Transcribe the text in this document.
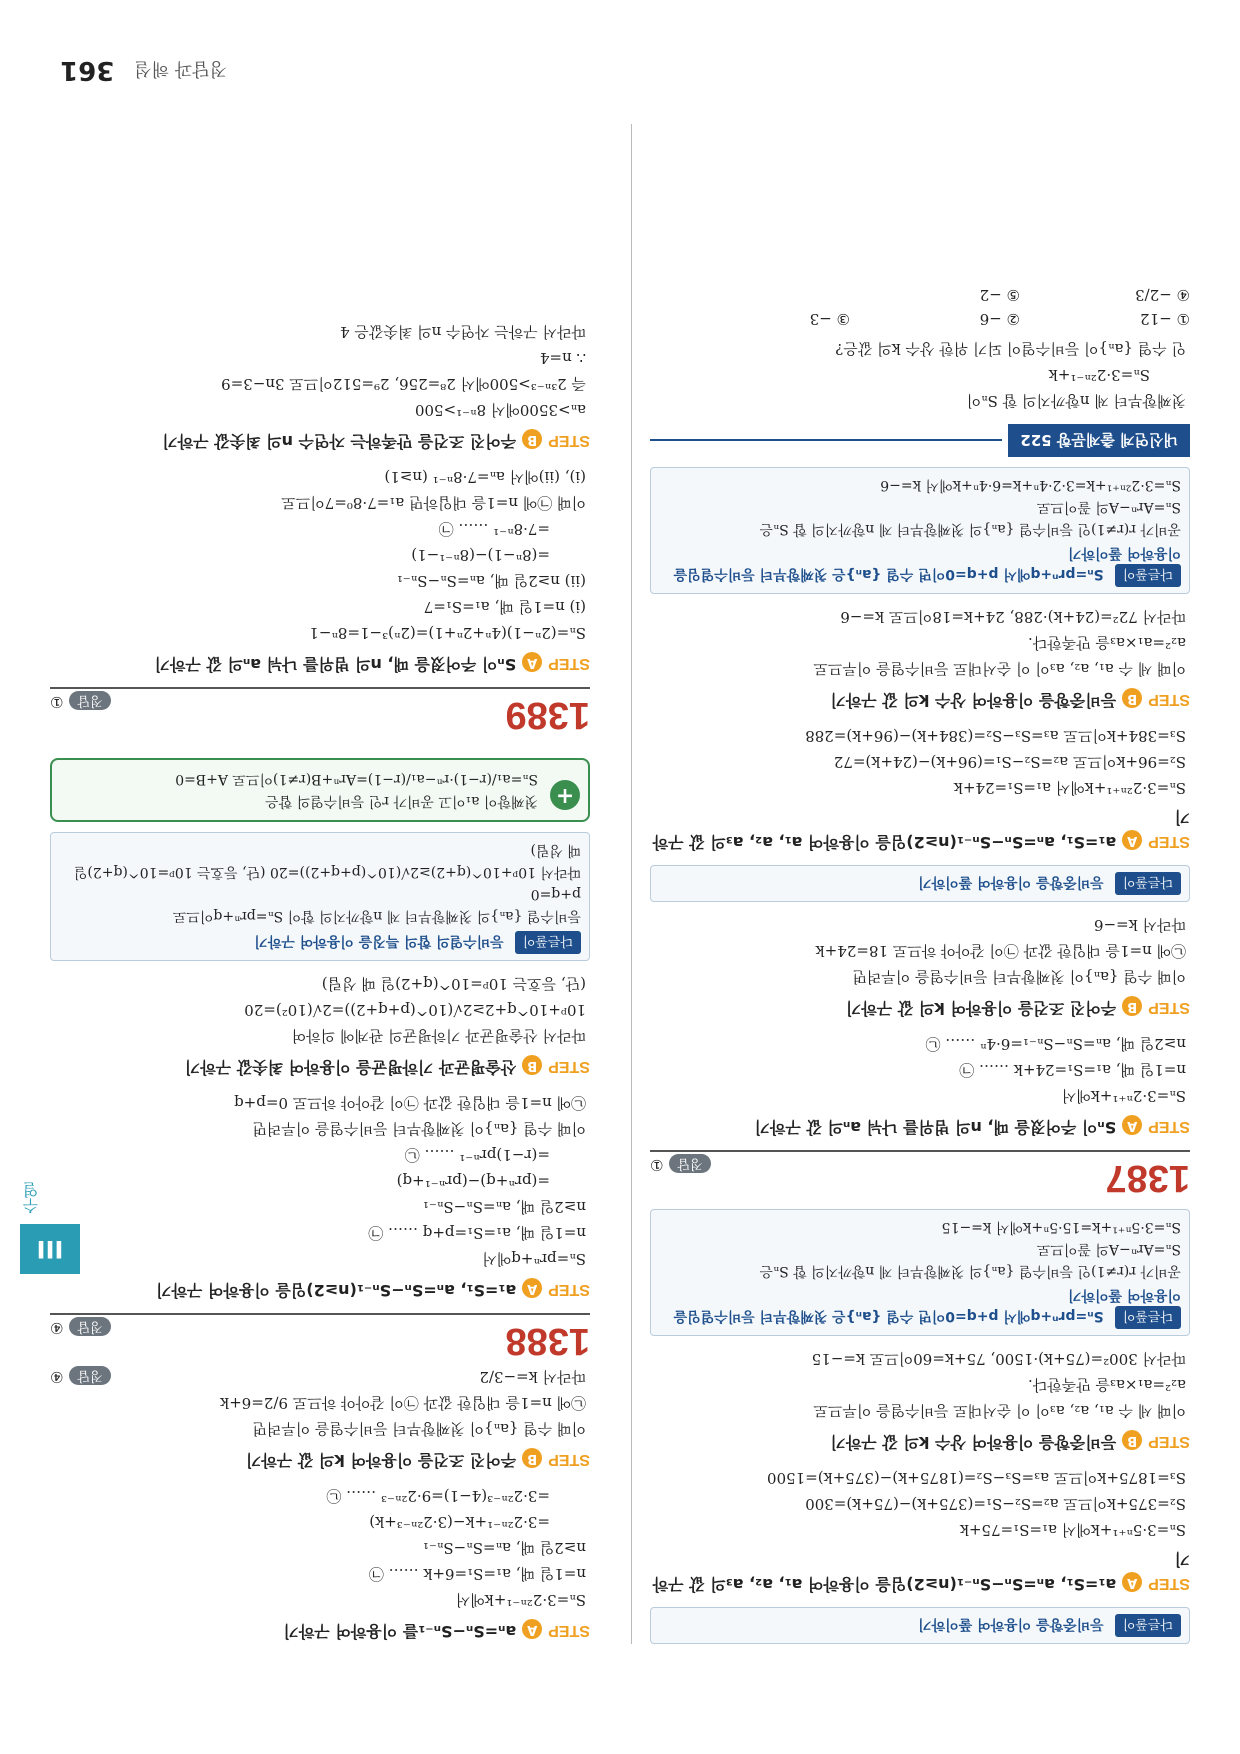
III
수열
정답과 해설
361
다른풀이 등비중항을 이용하여 풀이하기
STEPAa₁=S₁, aₙ=Sₙ−Sₙ₋₁(n≥2)임을 이용하여 a₁, a₂, a₃의 값 구하기
Sₙ=3·5ⁿ⁺¹+k에서 a₁=S₁=75+k
S₂=375+k이므로 a₂=S₂−S₁=(375+k)−(75+k)=300
S₃=1875+k이므로 a₃=S₃−S₂=(1875+k)−(375+k)=1500
STEPB등비중항을 이용하여 상수 k의 값 구하기
이때 세 수 a₁, a₂, a₃이 이 순서대로 등비수열을 이루므로
a₂²=a₁×a₃을 만족한다.
따라서 300²=(75+k)·1500, 75+k=60이므로 k=−15
다른풀이 Sₙ=prⁿ+q에서 p+q=0이면 수열 {aₙ}은 첫째항부터 등비수열임을 이용하여 풀이하기
공비가 r(r≠1)인 등비수열 {aₙ}의 첫째항부터 제 n항까지의 합 Sₙ은
Sₙ=Arⁿ−A의 꼴이므로
Sₙ=3·5ⁿ⁺¹+k=15·5ⁿ+k에서 k=−15
1387
정답①
STEPASₙ이 주어졌을 때, n의 범위를 나눠 aₙ의 값 구하기
Sₙ=3·2ⁿ⁺¹+k에서
n=1일 때, a₁=S₁=24+k …… ㉠
n≥2일 때, aₙ=Sₙ−Sₙ₋₁=6·4ⁿ …… ㉡
STEPB주어진 조건을 이용하여 k의 값 구하기
이때 수열 {aₙ}이 첫째항부터 등비수열을 이루려면
㉡에 n=1을 대입한 값과 ㉠이 같아야 하므로 18=24+k
따라서 k=−6
다른풀이 등비중항을 이용하여 풀이하기
STEPAa₁=S₁, aₙ=Sₙ−Sₙ₋₁(n≥2)임을 이용하여 a₁, a₂, a₃의 값 구하기
Sₙ=3·2²ⁿ⁺¹+k에서 a₁=S₁=24+k
S₂=96+k이므로 a₂=S₂−S₁=(96+k)−(24+k)=72
S₃=384+k이므로 a₃=S₃−S₂=(384+k)−(96+k)=288
STEPB등비중항을 이용하여 상수 k의 값 구하기
이때 세 수 a₁, a₂, a₃이 이 순서대로 등비수열을 이루므로
a₂²=a₁×a₃을 만족한다.
따라서 72²=(24+k)·288, 24+k=18이므로 k=−6
다른풀이 Sₙ=prⁿ+q에서 p+q=0이면 수열 {aₙ}은 첫째항부터 등비수열임을 이용하여 풀이하기
공비가 r(r≠1)인 등비수열 {aₙ}의 첫째항부터 제 n항까지의 합 Sₙ은
Sₙ=Arⁿ−A의 꼴이므로
Sₙ=3·2²ⁿ⁺¹+k=3·2·4ⁿ+k=6·4ⁿ+k에서 k=−6
내신연계 출제문항 522
첫째항부터 제 n항까지의 합 Sₙ이
Sₙ=3·2²ⁿ⁻¹+k
인 수열 {aₙ}이 등비수열이 되기 위한 상수 k의 값은?
① −12
② −6
③ −3
④ −2/3
⑤ −2
STEPAaₙ=Sₙ−Sₙ₋₁를 이용하여 구하기
Sₙ=3·2²ⁿ⁻¹+k에서
n=1일 때, a₁=S₁=6+k …… ㉠
n≥2일 때, aₙ=Sₙ−Sₙ₋₁
=3·2²ⁿ⁻¹+k−(3·2²ⁿ⁻³+k)
=3·2²ⁿ⁻³(4−1)=9·2²ⁿ⁻³ …… ㉡
STEPB주어진 조건을 이용하여 k의 값 구하기
이때 수열 {aₙ}이 첫째항부터 등비수열을 이루려면
㉡에 n=1을 대입한 값과 ㉠이 같아야 하므로 9/2=6+k
따라서 k=−3/2
정답④
1388
정답④
STEPAa₁=S₁, aₙ=Sₙ−Sₙ₋₁(n≥2)임을 이용하여 구하기
Sₙ=prⁿ+q에서
n=1일 때, a₁=S₁=p+q …… ㉠
n≥2일 때, aₙ=Sₙ−Sₙ₋₁
=(prⁿ+q)−(prⁿ⁻¹+q)
=(r−1)prⁿ⁻¹ …… ㉡
이때 수열 {aₙ}이 첫째항부터 등비수열을 이루려면
㉡에 n=1을 대입한 값과 ㉠이 같아야 하므로 0=p+q
STEPB산술평균과 기하평균을 이용하여 최솟값 구하기
따라서 산술평균과 기하평균의 관계에 의하여
10ᵖ+10^q+2≥2√(10^(p+q+2))=2√(10²)=20
(단, 등호는 10ᵖ=10^(q+2)일 때 성립)
다른풀이 등비수열의 합의 특징을 이용하여 구하기
등비수열 {aₙ}의 첫째항부터 제 n항까지의 합이 Sₙ=prⁿ+q이므로
p+q=0
따라서 10ᵖ+10^(q+2)≥2√(10^(p+q+2))=20 (단, 등호는 10ᵖ=10^(q+2)일 때 성립)
+
첫째항이 a₁이고 공비가 r인 등비수열의 합은
Sₙ=a₁/(r−1)·rⁿ−a₁/(r−1)=Arⁿ+B(r≠1)이므로 A+B=0
1389
정답①
STEPASₙ이 주어졌을 때, n의 범위를 나눠 aₙ의 값 구하기
Sₙ=(2ⁿ−1)(4ⁿ+2ⁿ+1)=(2ⁿ)³−1=8ⁿ−1
(ⅰ) n=1일 때, a₁=S₁=7
(ⅱ) n≥2일 때, aₙ=Sₙ−Sₙ₋₁
=(8ⁿ−1)−(8ⁿ⁻¹−1)
=7·8ⁿ⁻¹ …… ㉠
이때 ㉠에 n=1을 대입하면 a₁=7·8⁰=7이므로
(ⅰ), (ⅱ)에서 aₙ=7·8ⁿ⁻¹ (n≥1)
STEPB주어진 조건을 만족하는 자연수 n의 최솟값 구하기
aₙ>3500에서 8ⁿ⁻¹>500
즉 2³ⁿ⁻³>500에서 2⁸=256, 2⁹=512이므로 3n−3=9
∴ n=4
따라서 구하는 자연수 n의 최솟값은 4
